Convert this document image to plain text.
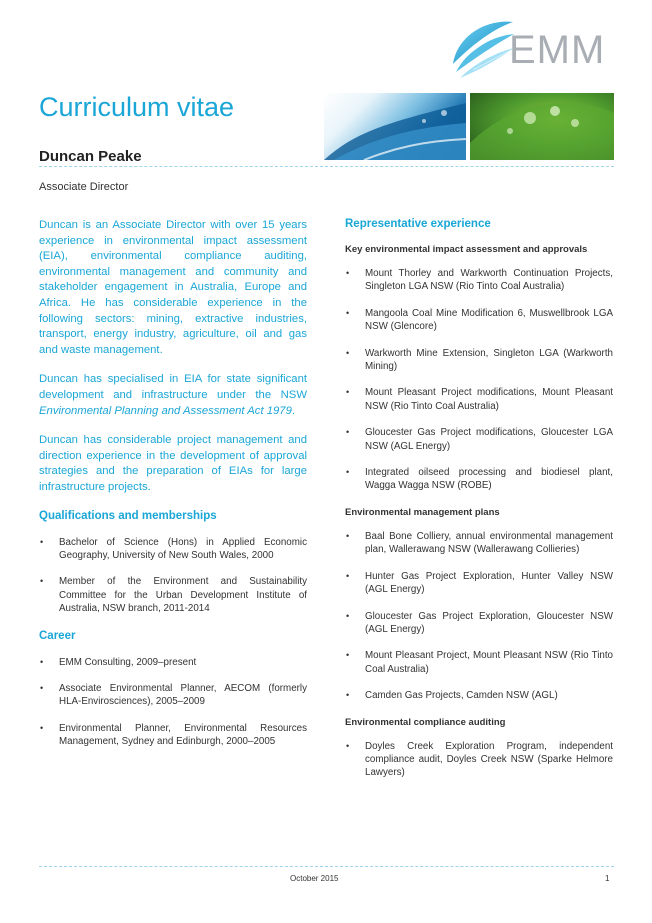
EMM
Curriculum vitae
Duncan Peake
Associate Director

Duncan is an Associate Director with over 15 years experience in environmental impact assessment (EIA), environmental compliance auditing, environmental management and community and stakeholder engagement in Australia, Europe and Africa. He has considerable experience in the following sectors: mining, extractive industries, transport, energy industry, agriculture, oil and gas and waste management.

Duncan has specialised in EIA for state significant development and infrastructure under the NSW Environmental Planning and Assessment Act 1979.

Duncan has considerable project management and direction experience in the development of approval strategies and the preparation of EIAs for large infrastructure projects.

Qualifications and memberships
• Bachelor of Science (Hons) in Applied Economic Geography, University of New South Wales, 2000
• Member of the Environment and Sustainability Committee for the Urban Development Institute of Australia, NSW branch, 2011-2014
Career
• EMM Consulting, 2009–present
• Associate Environmental Planner, AECOM (formerly HLA-Envirosciences), 2005–2009
• Environmental Planner, Environmental Resources Management, Sydney and Edinburgh, 2000–2005
Representative experience
Key environmental impact assessment and approvals
• Mount Thorley and Warkworth Continuation Projects, Singleton LGA NSW (Rio Tinto Coal Australia)
• Mangoola Coal Mine Modification 6, Muswellbrook LGA NSW (Glencore)
• Warkworth Mine Extension, Singleton LGA (Warkworth Mining)
• Mount Pleasant Project modifications, Mount Pleasant NSW (Rio Tinto Coal Australia)
• Gloucester Gas Project modifications, Gloucester LGA NSW (AGL Energy)
• Integrated oilseed processing and biodiesel plant, Wagga Wagga NSW (ROBE)
Environmental management plans
• Baal Bone Colliery, annual environmental management plan, Wallerawang NSW (Wallerawang Collieries)
• Hunter Gas Project Exploration, Hunter Valley NSW (AGL Energy)
• Gloucester Gas Project Exploration, Gloucester NSW (AGL Energy)
• Mount Pleasant Project, Mount Pleasant NSW (Rio Tinto Coal Australia)
• Camden Gas Projects, Camden NSW (AGL)
Environmental compliance auditing
• Doyles Creek Exploration Program, independent compliance audit, Doyles Creek NSW (Sparke Helmore Lawyers)
October 2015	1
